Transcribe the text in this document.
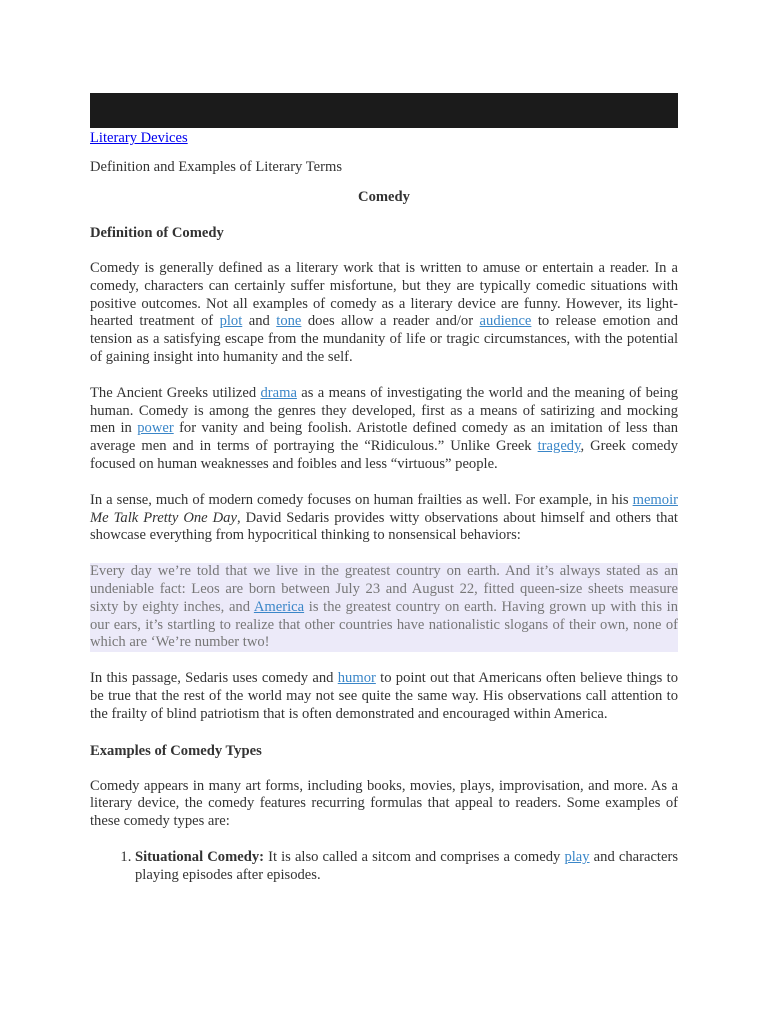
Literary Devices
Definition and Examples of Literary Terms
Comedy
Definition of Comedy

Comedy is generally defined as a literary work that is written to amuse or entertain a reader. In a comedy, characters can certainly suffer misfortune, but they are typically comedic situations with positive outcomes. Not all examples of comedy as a literary device are funny. However, its light-hearted treatment of plot and tone does allow a reader and/or audience to release emotion and tension as a satisfying escape from the mundanity of life or tragic circumstances, with the potential of gaining insight into humanity and the self.

The Ancient Greeks utilized drama as a means of investigating the world and the meaning of being human. Comedy is among the genres they developed, first as a means of satirizing and mocking men in power for vanity and being foolish. Aristotle defined comedy as an imitation of less than average men and in terms of portraying the “Ridiculous.” Unlike Greek tragedy, Greek comedy focused on human weaknesses and foibles and less “virtuous” people.

In a sense, much of modern comedy focuses on human frailties as well. For example, in his memoir Me Talk Pretty One Day, David Sedaris provides witty observations about himself and others that showcase everything from hypocritical thinking to nonsensical behaviors:

Every day we’re told that we live in the greatest country on earth. And it’s always stated as an undeniable fact: Leos are born between July 23 and August 22, fitted queen-size sheets measure sixty by eighty inches, and America is the greatest country on earth. Having grown up with this in our ears, it’s startling to realize that other countries have nationalistic slogans of their own, none of which are ‘We’re number two!

In this passage, Sedaris uses comedy and humor to point out that Americans often believe things to be true that the rest of the world may not see quite the same way. His observations call attention to the frailty of blind patriotism that is often demonstrated and encouraged within America.

Examples of Comedy Types

Comedy appears in many art forms, including books, movies, plays, improvisation, and more. As a literary device, the comedy features recurring formulas that appeal to readers. Some examples of these comedy types are:

1. Situational Comedy: It is also called a sitcom and comprises a comedy play and characters playing episodes after episodes.
